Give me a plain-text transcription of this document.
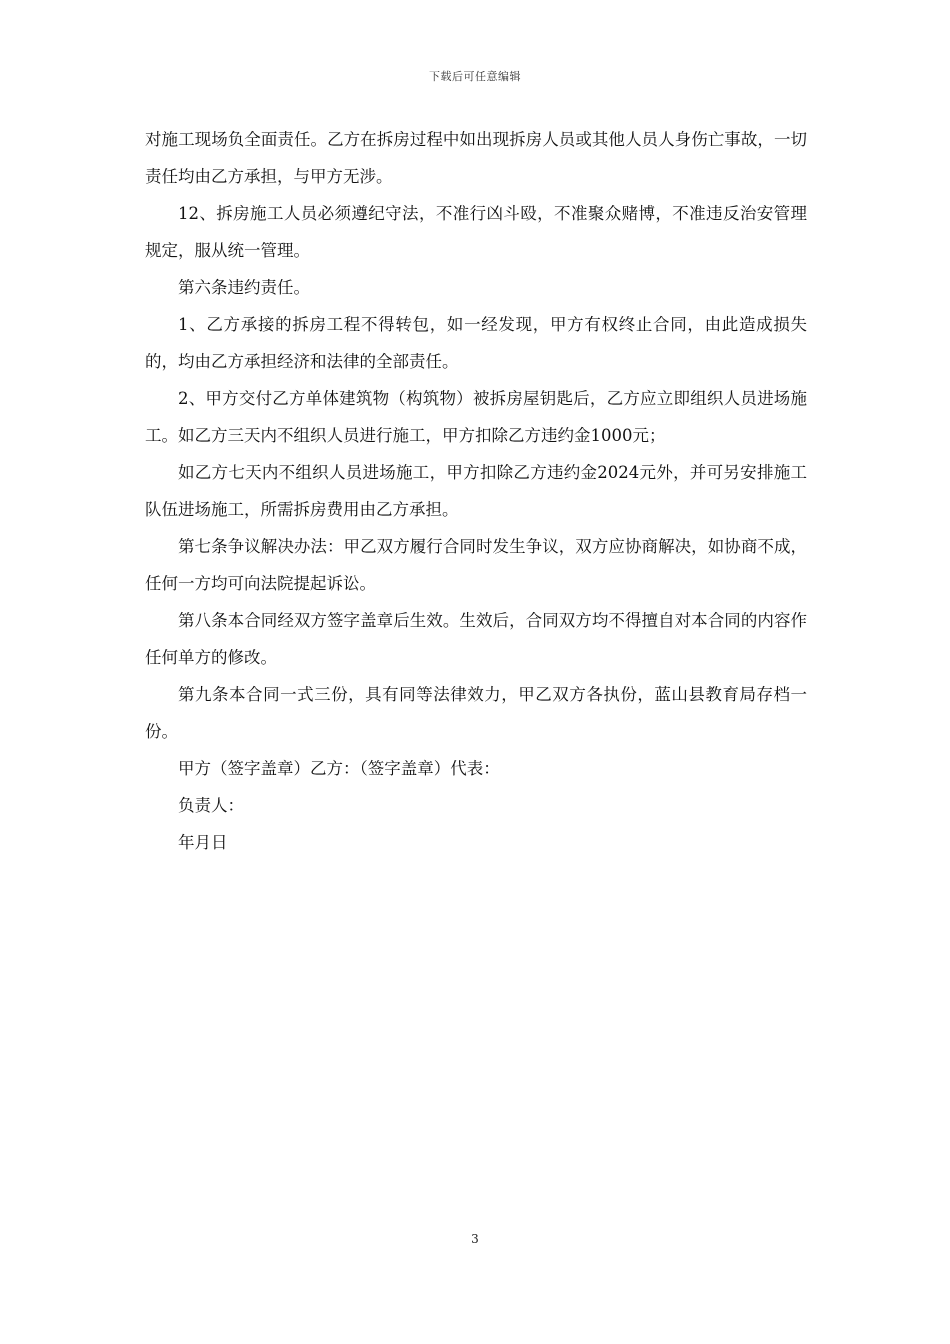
下载后可任意编辑

对施工现场负全面责任。乙方在拆房过程中如出现拆房人员或其他人员人身伤亡事故，一切责任均由乙方承担，与甲方无涉。

12、拆房施工人员必须遵纪守法，不准行凶斗殴，不准聚众赌博，不准违反治安管理规定，服从统一管理。

第六条违约责任。

1、乙方承接的拆房工程不得转包，如一经发现，甲方有权终止合同，由此造成损失的，均由乙方承担经济和法律的全部责任。

2、甲方交付乙方单体建筑物（构筑物）被拆房屋钥匙后，乙方应立即组织人员进场施工。如乙方三天内不组织人员进行施工，甲方扣除乙方违约金1000元；

如乙方七天内不组织人员进场施工，甲方扣除乙方违约金2024元外，并可另安排施工队伍进场施工，所需拆房费用由乙方承担。

第七条争议解决办法：甲乙双方履行合同时发生争议，双方应协商解决，如协商不成，任何一方均可向法院提起诉讼。

第八条本合同经双方签字盖章后生效。生效后，合同双方均不得擅自对本合同的内容作任何单方的修改。

第九条本合同一式三份，具有同等法律效力，甲乙双方各执份，蓝山县教育局存档一份。

甲方（签字盖章）乙方：（签字盖章）代表：

负责人：

年月日

3
